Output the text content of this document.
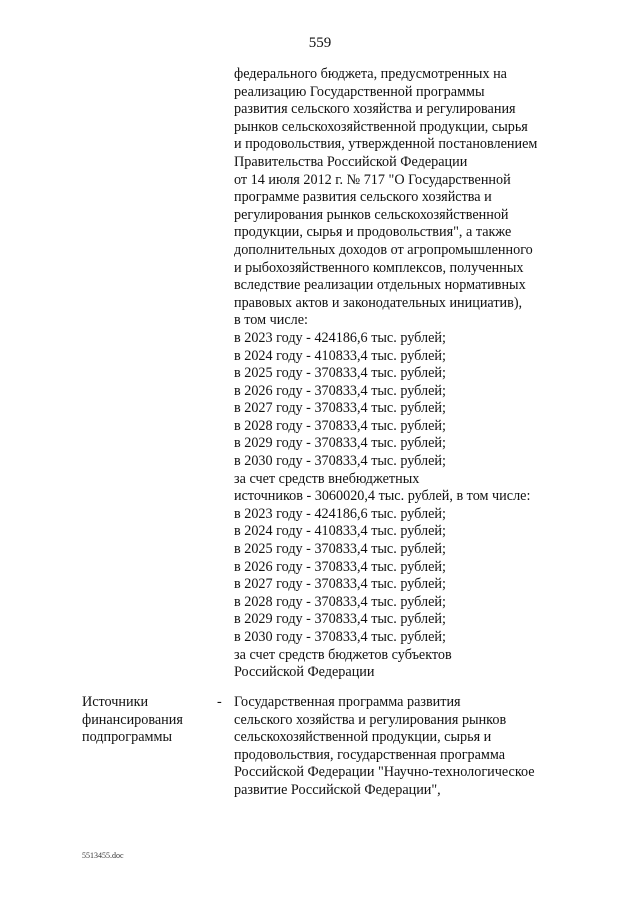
559
федерального бюджета, предусмотренных на
реализацию Государственной программы
развития сельского хозяйства и регулирования
рынков сельскохозяйственной продукции, сырья
и продовольствия, утвержденной постановлением
Правительства Российской Федерации
от 14 июля 2012 г. № 717 "О Государственной
программе развития сельского хозяйства и
регулирования рынков сельскохозяйственной
продукции, сырья и продовольствия", а также
дополнительных доходов от агропромышленного
и рыбохозяйственного комплексов, полученных
вследствие реализации отдельных нормативных
правовых актов и законодательных инициатив),
в том числе:
в 2023 году - 424186,6 тыс. рублей;
в 2024 году - 410833,4 тыс. рублей;
в 2025 году - 370833,4 тыс. рублей;
в 2026 году - 370833,4 тыс. рублей;
в 2027 году - 370833,4 тыс. рублей;
в 2028 году - 370833,4 тыс. рублей;
в 2029 году - 370833,4 тыс. рублей;
в 2030 году - 370833,4 тыс. рублей;
за счет средств внебюджетных
источников - 3060020,4 тыс. рублей, в том числе:
в 2023 году - 424186,6 тыс. рублей;
в 2024 году - 410833,4 тыс. рублей;
в 2025 году - 370833,4 тыс. рублей;
в 2026 году - 370833,4 тыс. рублей;
в 2027 году - 370833,4 тыс. рублей;
в 2028 году - 370833,4 тыс. рублей;
в 2029 году - 370833,4 тыс. рублей;
в 2030 году - 370833,4 тыс. рублей;
за счет средств бюджетов субъектов
Российской Федерации
Источники
финансирования
подпрограммы
- Государственная программа развития
сельского хозяйства и регулирования рынков
сельскохозяйственной продукции, сырья и
продовольствия, государственная программа
Российской Федерации "Научно-технологическое
развитие Российской Федерации",
5513455.doc
